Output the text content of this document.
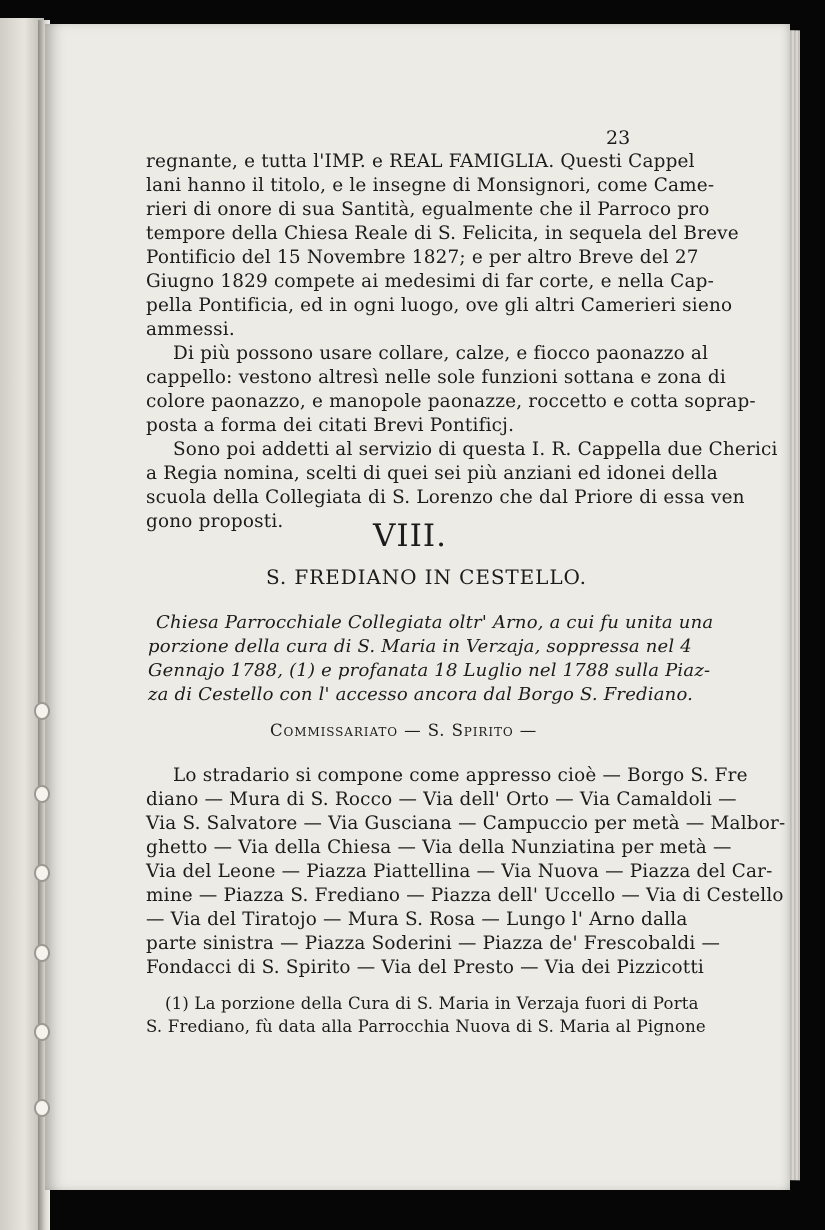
23
regnante, e tutta l'IMP. e REAL FAMIGLIA. Questi Cappel
lani hanno il titolo, e le insegne di Monsignori, come Came-
rieri di onore di sua Santità, egualmente che il Parroco pro
tempore della Chiesa Reale di S. Felicita, in sequela del Breve
Pontificio del 15 Novembre 1827; e per altro Breve del 27
Giugno 1829 compete ai medesimi di far corte, e nella Cap-
pella Pontificia, ed in ogni luogo, ove gli altri Camerieri sieno
ammessi.
Di più possono usare collare, calze, e fiocco paonazzo al
cappello: vestono altresì nelle sole funzioni sottana e zona di
colore paonazzo, e manopole paonazze, roccetto e cotta soprap-
posta a forma dei citati Brevi Pontificj.
Sono poi addetti al servizio di questa I. R. Cappella due Cherici
a Regia nomina, scelti di quei sei più anziani ed idonei della
scuola della Collegiata di S. Lorenzo che dal Priore di essa ven
gono proposti.	VIII.
S. FREDIANO IN CESTELLO.
Chiesa Parrocchiale Collegiata oltr' Arno, a cui fu unita una
porzione della cura di S. Maria in Verzaja, soppressa nel 4
Gennajo 1788, (1) e profanata 18 Luglio nel 1788 sulla Piaz-
za di Cestello con l' accesso ancora dal Borgo S. Frediano.
Commissariato — S. Spirito —
Lo stradario si compone come appresso cioè — Borgo S. Fre
diano — Mura di S. Rocco — Via dell' Orto — Via Camaldoli —
Via S. Salvatore — Via Gusciana — Campuccio per metà — Malbor-
ghetto — Via della Chiesa — Via della Nunziatina per metà —
Via del Leone — Piazza Piattellina — Via Nuova — Piazza del Car-
mine — Piazza S. Frediano — Piazza dell' Uccello — Via di Cestello
— Via del Tiratojo — Mura S. Rosa — Lungo l' Arno dalla
parte sinistra — Piazza Soderini — Piazza de' Frescobaldi —
Fondacci di S. Spirito — Via del Presto — Via dei Pizzicotti
(1) La porzione della Cura di S. Maria in Verzaja fuori di Porta
S. Frediano, fù data alla Parrocchia Nuova di S. Maria al Pignone
